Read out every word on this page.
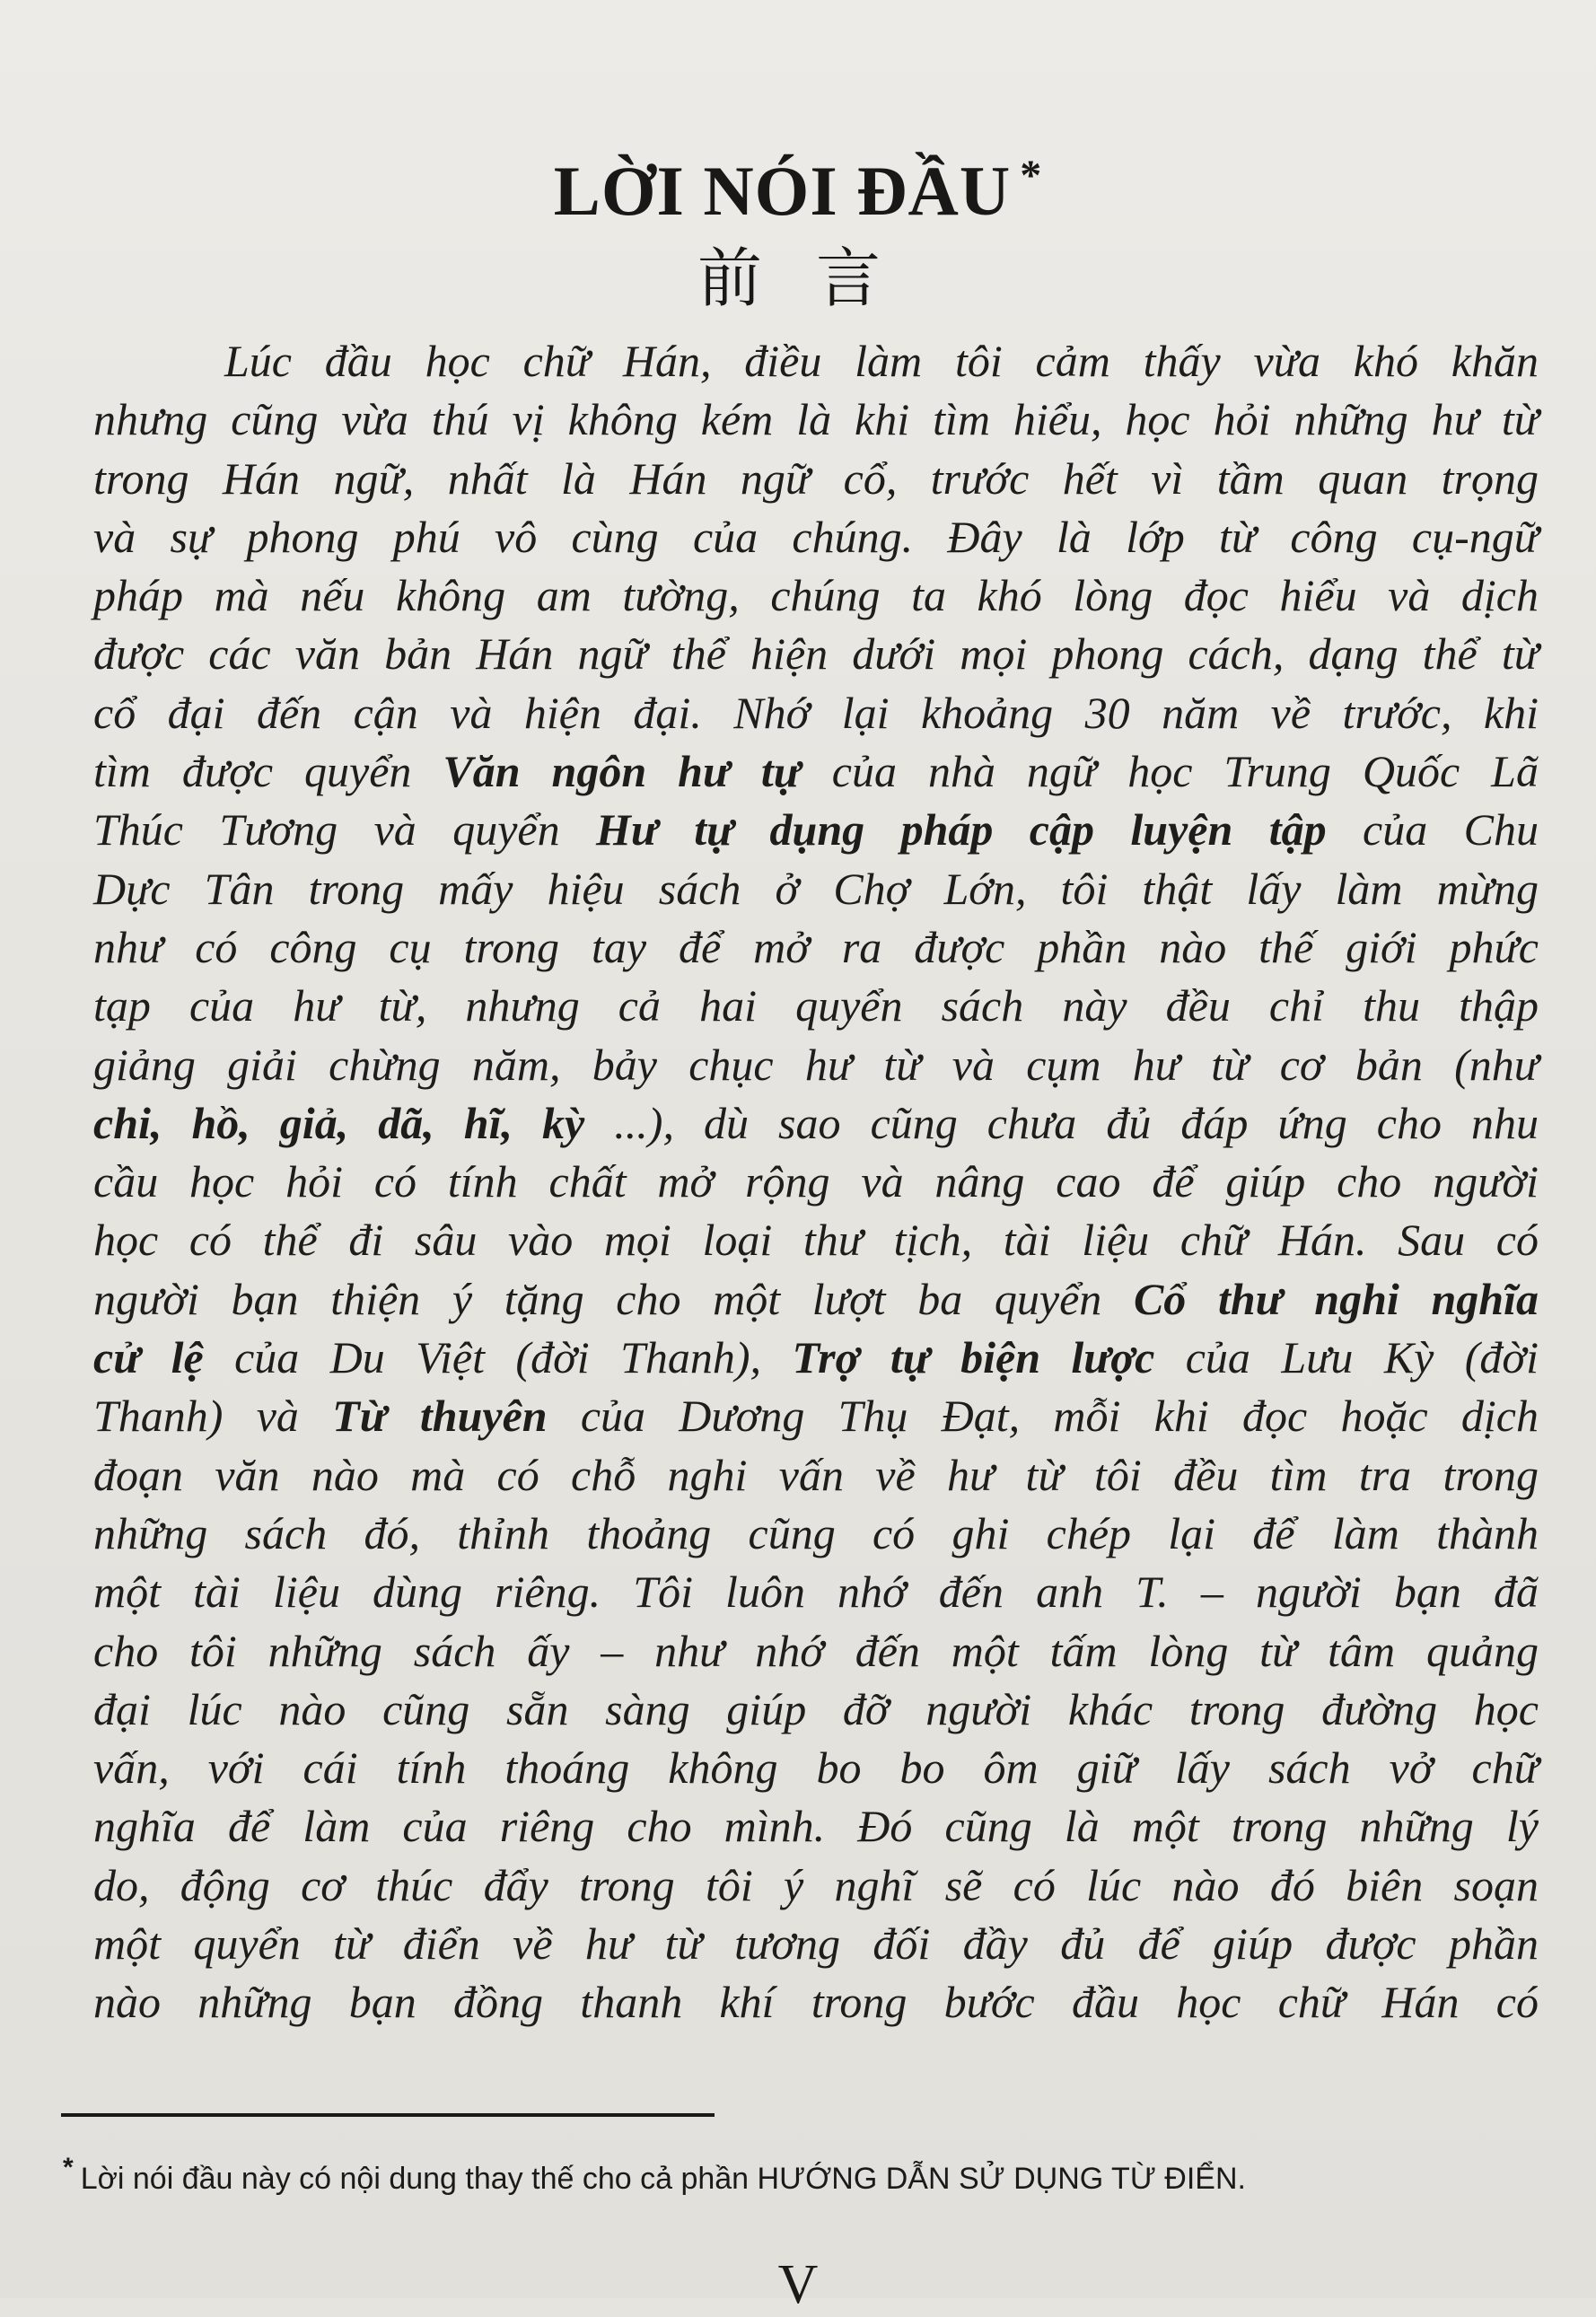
LỜI NÓI ĐẦU *
前言
Lúc đầu học chữ Hán, điều làm tôi cảm thấy vừa khó khăn
nhưng cũng vừa thú vị không kém là khi tìm hiểu, học hỏi những hư từ
trong Hán ngữ, nhất là Hán ngữ cổ, trước hết vì tầm quan trọng
và sự phong phú vô cùng của chúng. Đây là lớp từ công cụ-ngữ
pháp mà nếu không am tường, chúng ta khó lòng đọc hiểu và dịch
được các văn bản Hán ngữ thể hiện dưới mọi phong cách, dạng thể từ
cổ đại đến cận và hiện đại. Nhớ lại khoảng 30 năm về trước, khi
tìm được quyển Văn ngôn hư tự của nhà ngữ học Trung Quốc Lã
Thúc Tương và quyển Hư tự dụng pháp cập luyện tập của Chu
Dực Tân trong mấy hiệu sách ở Chợ Lớn, tôi thật lấy làm mừng
như có công cụ trong tay để mở ra được phần nào thế giới phức
tạp của hư từ, nhưng cả hai quyển sách này đều chỉ thu thập
giảng giải chừng năm, bảy chục hư từ và cụm hư từ cơ bản (như
chi, hồ, giả, dã, hĩ, kỳ ...), dù sao cũng chưa đủ đáp ứng cho nhu
cầu học hỏi có tính chất mở rộng và nâng cao để giúp cho người
học có thể đi sâu vào mọi loại thư tịch, tài liệu chữ Hán. Sau có
người bạn thiện ý tặng cho một lượt ba quyển Cổ thư nghi nghĩa
cử lệ của Du Việt (đời Thanh), Trợ tự biện lược của Lưu Kỳ (đời
Thanh) và Từ thuyên của Dương Thụ Đạt, mỗi khi đọc hoặc dịch
đoạn văn nào mà có chỗ nghi vấn về hư từ tôi đều tìm tra trong
những sách đó, thỉnh thoảng cũng có ghi chép lại để làm thành
một tài liệu dùng riêng. Tôi luôn nhớ đến anh T. – người bạn đã
cho tôi những sách ấy – như nhớ đến một tấm lòng từ tâm quảng
đại lúc nào cũng sẵn sàng giúp đỡ người khác trong đường học
vấn, với cái tính thoáng không bo bo ôm giữ lấy sách vở chữ
nghĩa để làm của riêng cho mình. Đó cũng là một trong những lý
do, động cơ thúc đẩy trong tôi ý nghĩ sẽ có lúc nào đó biên soạn
một quyển từ điển về hư từ tương đối đầy đủ để giúp được phần
nào những bạn đồng thanh khí trong bước đầu học chữ Hán có
* Lời nói đầu này có nội dung thay thế cho cả phần HƯỚNG DẪN SỬ DỤNG TỪ ĐIỂN.
V
